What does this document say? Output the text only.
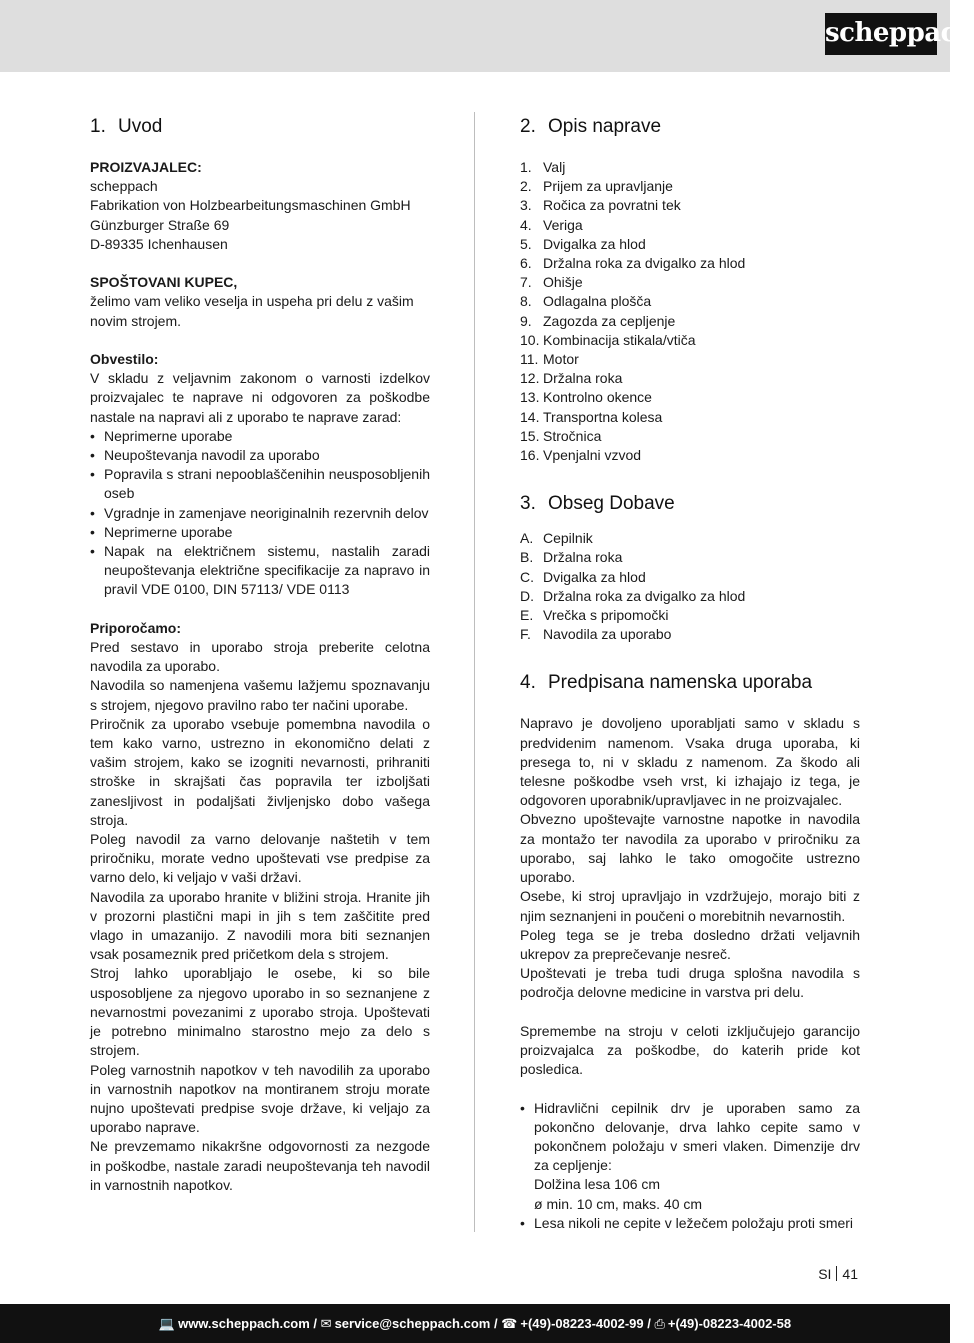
scheppach
1. Uvod

PROIZVAJALEC:

scheppach

Fabrikation von Holzbearbeitungsmaschinen GmbH

Günzburger Straße 69

D-89335 Ichenhausen

SPOŠTOVANI KUPEC,

želimo vam veliko veselja in uspeha pri delu z vašim novim strojem.

Obvestilo:

V skladu z veljavnim zakonom o varnosti izdelkov proizvajalec te naprave ni odgovoren za poškodbe nastale na napravi ali z uporabo te naprave zarad:

• Neprimerne uporabe
• Neupoštevanja navodil za uporabo
• Popravila s strani nepooblaščenihin neusposobljenih oseb
• Vgradnje in zamenjave neoriginalnih rezervnih delov
• Neprimerne uporabe
• Napak na električnem sistemu, nastalih zaradi neupoštevanja električne specifikacije za napravo in pravil VDE 0100, DIN 57113/ VDE 0113

Priporočamo:

Pred sestavo in uporabo stroja preberite celotna navodila za uporabo.

Navodila so namenjena vašemu lažjemu spoznavanju s strojem, njegovo pravilno rabo ter načini uporabe.

Priročnik za uporabo vsebuje pomembna navodila o tem kako varno, ustrezno in ekonomično delati z vašim strojem, kako se izogniti nevarnosti, prihraniti stroške in skrajšati čas popravila ter izboljšati zanesljivost in podaljšati življenjsko dobo vašega stroja.

Poleg navodil za varno delovanje naštetih v tem priročniku, morate vedno upoštevati vse predpise za varno delo, ki veljajo v vaši državi.

Navodila za uporabo hranite v bližini stroja. Hranite jih v prozorni plastični mapi in jih s tem zaščitite pred vlago in umazanijo. Z navodili mora biti seznanjen vsak posameznik pred pričetkom dela s strojem.

Stroj lahko uporabljajo le osebe, ki so bile usposobljene za njegovo uporabo in so seznanjene z nevarnostmi povezanimi z uporabo stroja. Upoštevati je potrebno minimalno starostno mejo za delo s strojem.

Poleg varnostnih napotkov v teh navodilih za uporabo in varnostnih napotkov na montiranem stroju morate nujno upoštevati predpise svoje države, ki veljajo za uporabo naprave.

Ne prevzemamo nikakršne odgovornosti za nezgode in poškodbe, nastale zaradi neupoštevanja teh navodil in varnostnih napotkov.

2. Opis naprave
1. Valj
2. Prijem za upravljanje
3. Ročica za povratni tek
4. Veriga
5. Dvigalka za hlod
6. Držalna roka za dvigalko za hlod
7. Ohišje
8. Odlagalna plošča
9. Zagozda za cepljenje
10. Kombinacija stikala/vtiča
11. Motor
12. Držalna roka
13. Kontrolno okence
14. Transportna kolesa
15. Stročnica
16. Vpenjalni vzvod
3. Obseg Dobave
A. Cepilnik
B. Držalna roka
C. Dvigalka za hlod
D. Držalna roka za dvigalko za hlod
E. Vrečka s pripomočki
F. Navodila za uporabo
4. Predpisana namenska uporaba

Napravo je dovoljeno uporabljati samo v skladu s predvidenim namenom. Vsaka druga uporaba, ki presega to, ni v skladu z namenom. Za škodo ali telesne poškodbe vseh vrst, ki izhajajo iz tega, je odgovoren uporabnik/upravljavec in ne proizvajalec.

Obvezno upoštevajte varnostne napotke in navodila za montažo ter navodila za uporabo v priročniku za uporabo, saj lahko le tako omogočite ustrezno uporabo.

Osebe, ki stroj upravljajo in vzdržujejo, morajo biti z njim seznanjeni in poučeni o morebitnih nevarnostih.

Poleg tega se je treba dosledno držati veljavnih ukrepov za preprečevanje nesreč.

Upoštevati je treba tudi druga splošna navodila s področja delovne medicine in varstva pri delu.

Spremembe na stroju v celoti izključujejo garancijo proizvajalca za poškodbe, do katerih pride kot posledica.

• Hidravlični cepilnik drv je uporaben samo za pokončno delovanje, drva lahko cepite samo v pokončnem položaju v smeri vlaken. Dimenzije drv za cepljenje:
Dolžina lesa 106 cm
ø min. 10 cm, maks. 40 cm
• Lesa nikoli ne cepite v ležečem položaju proti smeri
SI 41
💻 www.scheppach.com / ✉ service@scheppach.com / ☎ +(49)-08223-4002-99 / ⎙ +(49)-08223-4002-58
